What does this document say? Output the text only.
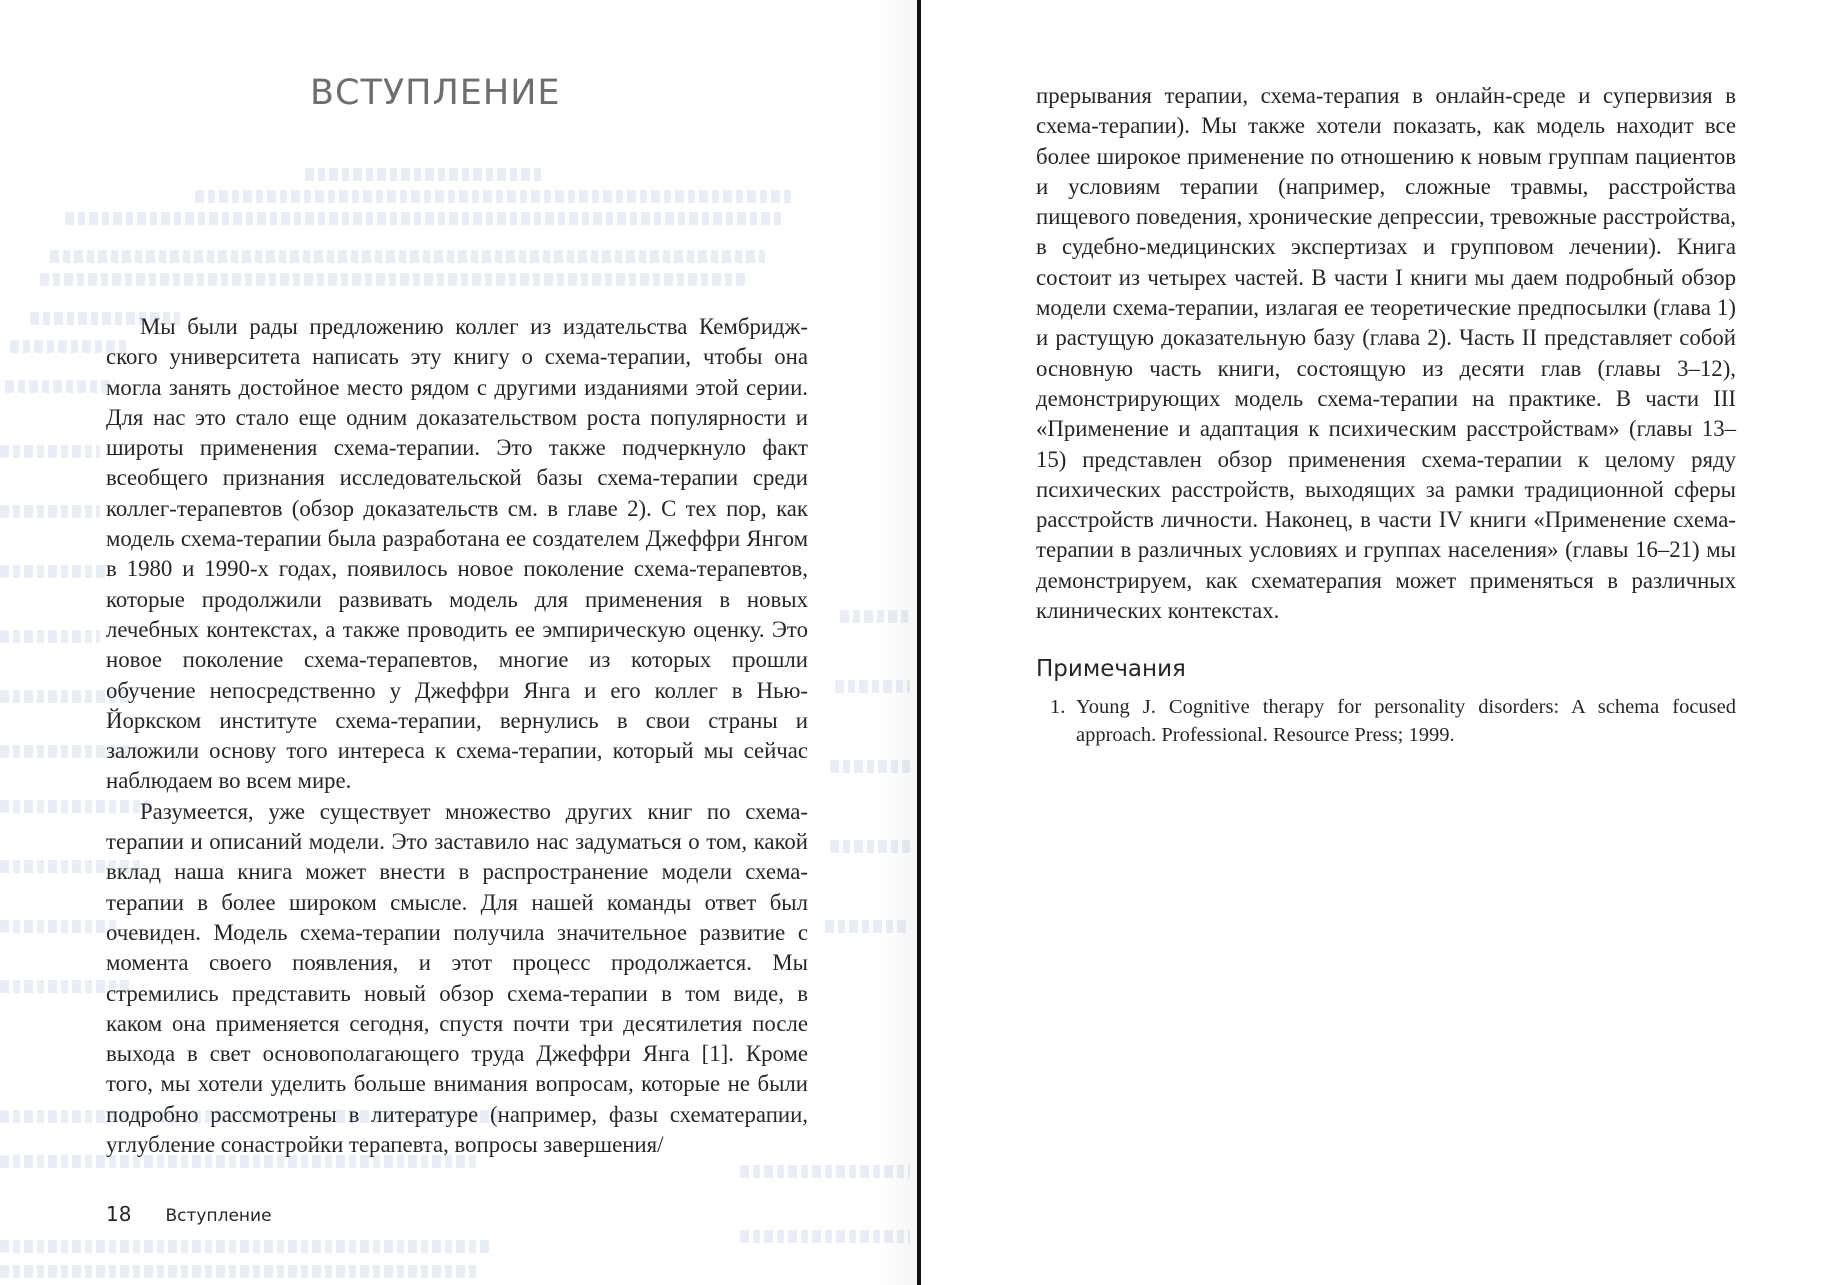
ВСТУПЛЕНИЕ

Мы были рады предложению коллег из издательства Кембриджского университета написать эту книгу о схема-терапии, чтобы она могла занять достойное место рядом с другими изданиями этой серии. Для нас это стало еще одним доказательством роста популярности и широты применения схема-терапии. Это также подчеркнуло факт всеобщего признания исследовательской базы схема-терапии среди коллег-терапевтов (обзор доказательств см. в главе 2). С тех пор, как модель схема-терапии была разработана ее создателем Джеффри Янгом в 1980 и 1990-х годах, появилось новое поколение схема-терапевтов, которые продолжили развивать модель для применения в новых лечебных контекстах, а также проводить ее эмпирическую оценку. Это новое поколение схема-терапевтов, многие из которых прошли обучение непосредственно у Джеффри Янга и его коллег в Нью-Йоркском институте схема-терапии, вернулись в свои страны и заложили основу того интереса к схема-терапии, который мы сейчас наблюдаем во всем мире.

Разумеется, уже существует множество других книг по схема-терапии и описаний модели. Это заставило нас задуматься о том, какой вклад наша книга может внести в распространение модели схема-терапии в более широком смысле. Для нашей команды ответ был очевиден. Модель схема-терапии получила значительное развитие с момента своего появления, и этот процесс продолжается. Мы стремились представить новый обзор схема-терапии в том виде, в каком она применяется сегодня, спустя почти три десятилетия после выхода в свет основополагающего труда Джеффри Янга [1]. Кроме того, мы хотели уделить больше внимания вопросам, которые не были подробно рассмотрены в литературе (например, фазы схематерапии, углубление сонастройки терапевта, вопросы завершения/

18 Вступление

прерывания терапии, схема-терапия в онлайн-среде и супервизия в схема-терапии). Мы также хотели показать, как модель находит все более широкое применение по отношению к новым группам пациентов и условиям терапии (например, сложные травмы, расстройства пищевого поведения, хронические депрессии, тревожные расстройства, в судебно-медицинских экспертизах и групповом лечении). Книга состоит из четырех частей. В части I книги мы даем подробный обзор модели схема-терапии, излагая ее теоретические предпосылки (глава 1) и растущую доказательную базу (глава 2). Часть II представляет собой основную часть книги, состоящую из десяти глав (главы 3–12), демонстрирующих модель схема-терапии на практике. В части III «Применение и адаптация к психическим расстройствам» (главы 13–15) представлен обзор применения схема-терапии к целому ряду психических расстройств, выходящих за рамки традиционной сферы расстройств личности. Наконец, в части IV книги «Применение схема-терапии в различных условиях и группах населения» (главы 16–21) мы демонстрируем, как схематерапия может применяться в различных клинических контекстах.

Примечания
1. Young J. Cognitive therapy for personality disorders: A schema focused approach. Professional. Resource Press; 1999.
